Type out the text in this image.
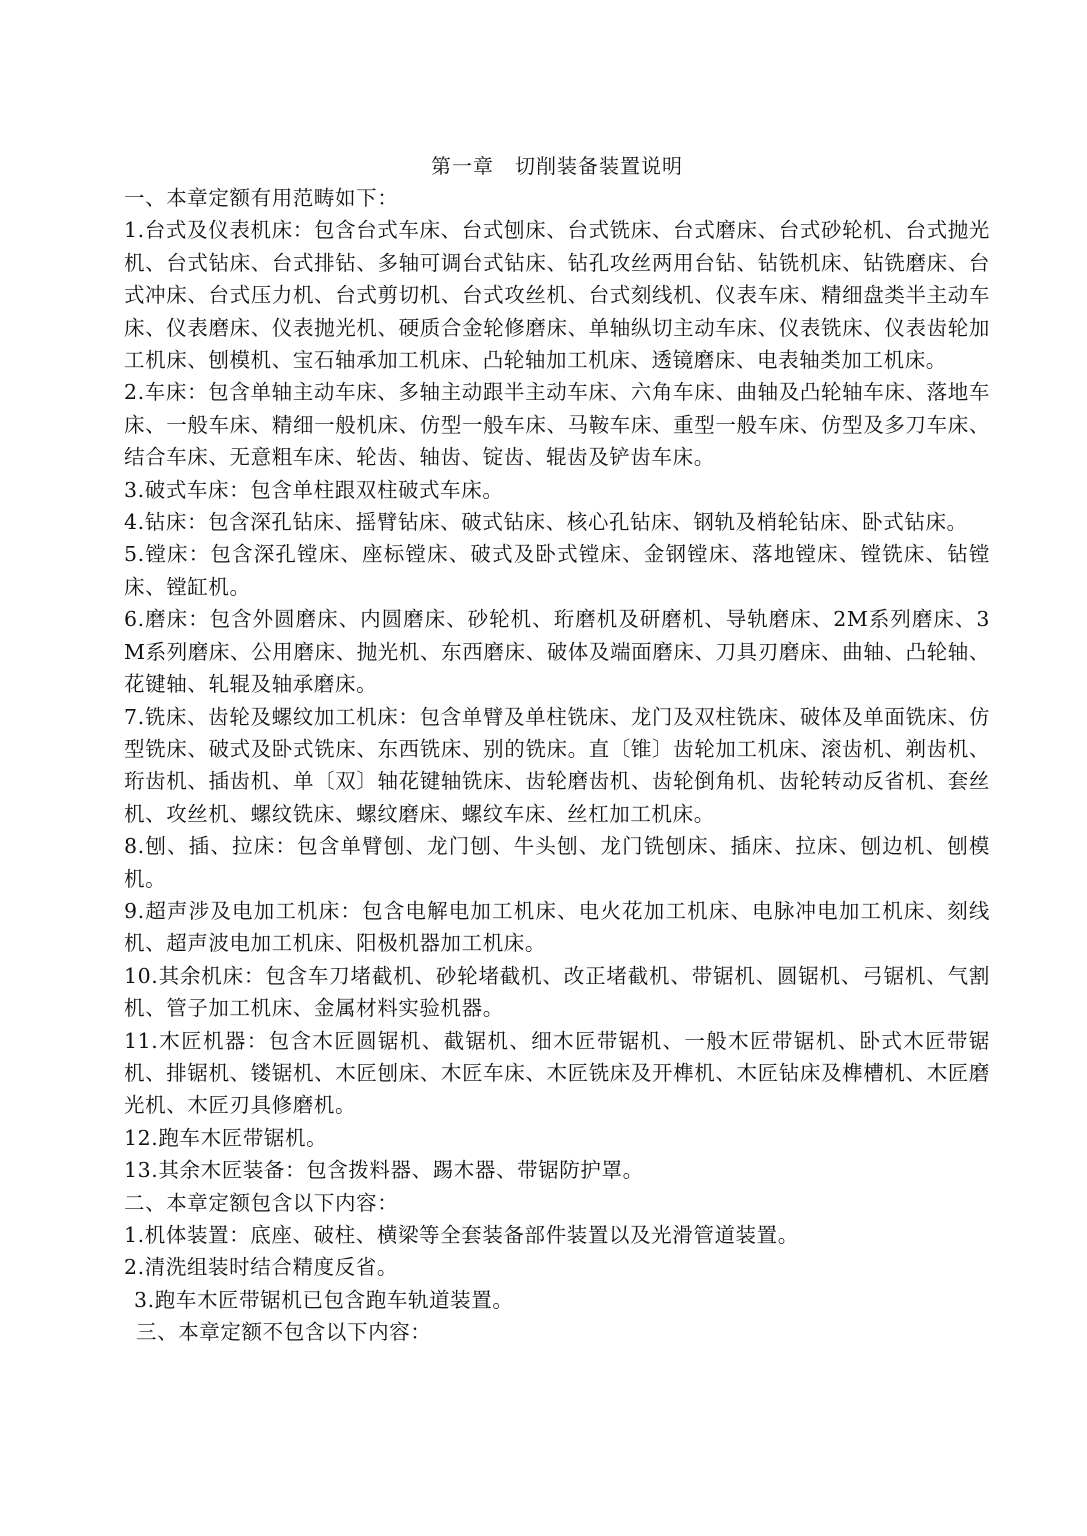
第一章　切削装备装置说明

一、本章定额有用范畴如下：

1.台式及仪表机床：包含台式车床、台式刨床、台式铣床、台式磨床、台式砂轮机、台式抛光机、台式钻床、台式排钻、多轴可调台式钻床、钻孔攻丝两用台钻、钻铣机床、钻铣磨床、台式冲床、台式压力机、台式剪切机、台式攻丝机、台式刻线机、仪表车床、精细盘类半主动车床、仪表磨床、仪表抛光机、硬质合金轮修磨床、单轴纵切主动车床、仪表铣床、仪表齿轮加工机床、刨模机、宝石轴承加工机床、凸轮轴加工机床、透镜磨床、电表轴类加工机床。

2.车床：包含单轴主动车床、多轴主动跟半主动车床、六角车床、曲轴及凸轮轴车床、落地车床、一般车床、精细一般机床、仿型一般车床、马鞍车床、重型一般车床、仿型及多刀车床、结合车床、无意粗车床、轮齿、轴齿、锭齿、辊齿及铲齿车床。

3.破式车床：包含单柱跟双柱破式车床。

4.钻床：包含深孔钻床、摇臂钻床、破式钻床、核心孔钻床、钢轨及梢轮钻床、卧式钻床。

5.镗床：包含深孔镗床、座标镗床、破式及卧式镗床、金钢镗床、落地镗床、镗铣床、钻镗床、镗缸机。

6.磨床：包含外圆磨床、内圆磨床、砂轮机、珩磨机及研磨机、导轨磨床、2M系列磨床、3M系列磨床、公用磨床、抛光机、东西磨床、破体及端面磨床、刀具刃磨床、曲轴、凸轮轴、花键轴、轧辊及轴承磨床。

7.铣床、齿轮及螺纹加工机床：包含单臂及单柱铣床、龙门及双柱铣床、破体及单面铣床、仿型铣床、破式及卧式铣床、东西铣床、别的铣床。直〔锥〕齿轮加工机床、滚齿机、剃齿机、珩齿机、插齿机、单〔双〕轴花键轴铣床、齿轮磨齿机、齿轮倒角机、齿轮转动反省机、套丝机、攻丝机、螺纹铣床、螺纹磨床、螺纹车床、丝杠加工机床。

8.刨、插、拉床：包含单臂刨、龙门刨、牛头刨、龙门铣刨床、插床、拉床、刨边机、刨模机。

9.超声涉及电加工机床：包含电解电加工机床、电火花加工机床、电脉冲电加工机床、刻线机、超声波电加工机床、阳极机器加工机床。

10.其余机床：包含车刀堵截机、砂轮堵截机、改正堵截机、带锯机、圆锯机、弓锯机、气割机、管子加工机床、金属材料实验机器。

11.木匠机器：包含木匠圆锯机、截锯机、细木匠带锯机、一般木匠带锯机、卧式木匠带锯机、排锯机、镂锯机、木匠刨床、木匠车床、木匠铣床及开榫机、木匠钻床及榫槽机、木匠磨光机、木匠刃具修磨机。

12.跑车木匠带锯机。

13.其余木匠装备：包含拨料器、踢木器、带锯防护罩。

二、本章定额包含以下内容：

1.机体装置：底座、破柱、横梁等全套装备部件装置以及光滑管道装置。

2.清洗组装时结合精度反省。

3.跑车木匠带锯机已包含跑车轨道装置。

三、本章定额不包含以下内容：
